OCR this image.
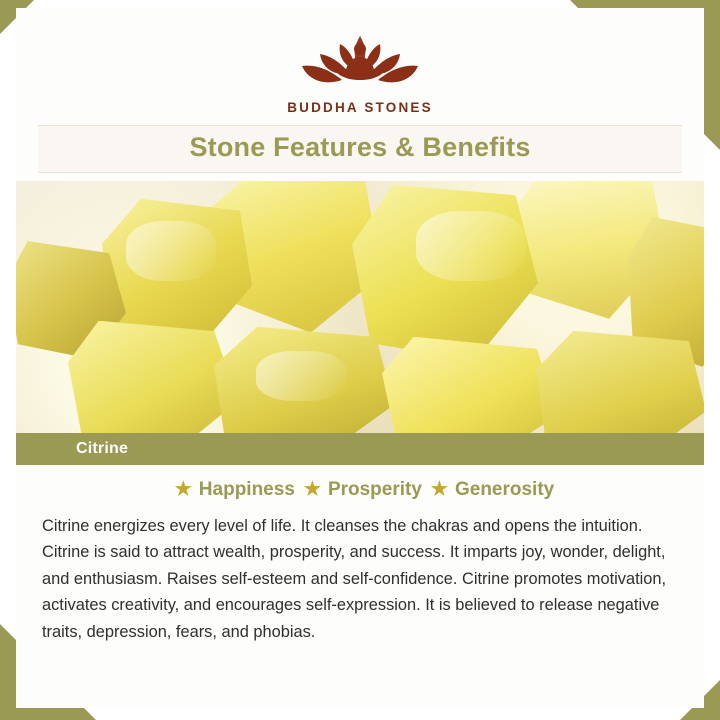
BUDDHA STONES
Stone Features & Benefits
Citrine
★ Happiness ★ Prosperity ★ Generosity

Citrine energizes every level of life. It cleanses the chakras and opens the intuition. Citrine is said to attract wealth, prosperity, and success. It imparts joy, wonder, delight, and enthusiasm. Raises self-esteem and self-confidence. Citrine promotes motivation, activates creativity, and encourages self-expression. It is believed to release negative traits, depression, fears, and phobias.
